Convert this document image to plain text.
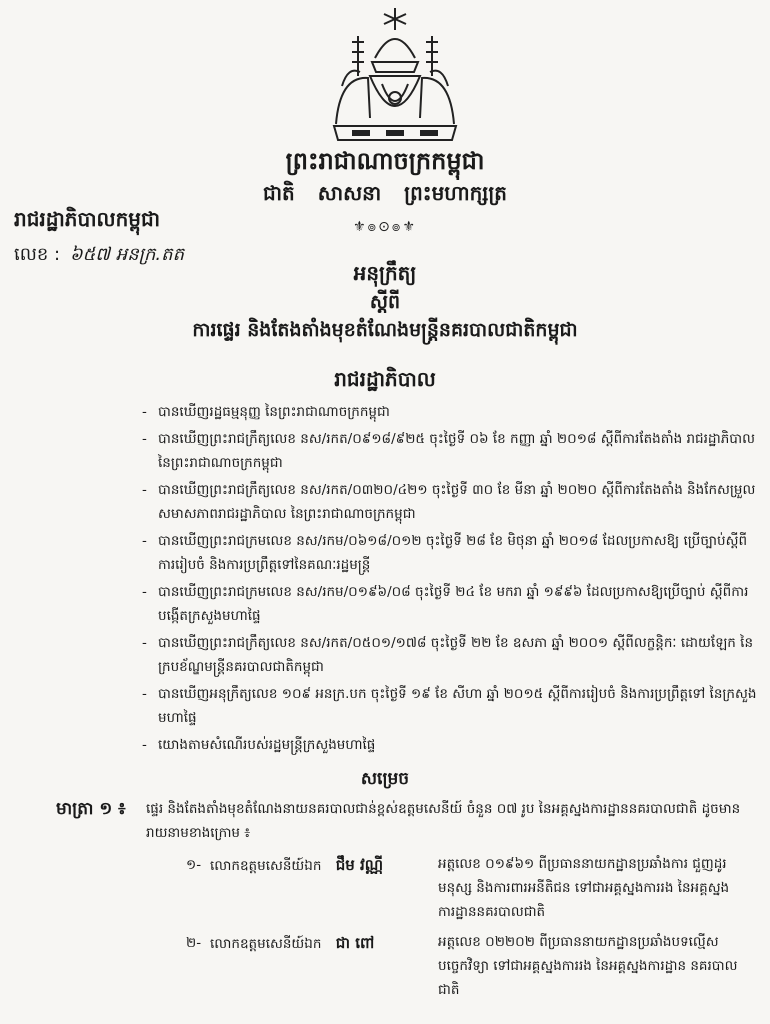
ព្រះរាជាណាចក្រកម្ពុជា
ជាតិ សាសនា ព្រះមហាក្សត្រ
⚜๏⊙๏⚜
រាជរដ្ឋាភិបាលកម្ពុជា
លេខ : ៦៥៧ អនក្រ.តត
អនុក្រឹត្យ
ស្តីពី
ការផ្ទេរ និងតែងតាំងមុខតំណែងមន្រ្តីនគរបាលជាតិកម្ពុជា
រាជរដ្ឋាភិបាល
- បានឃើញរដ្ឋធម្មនុញ្ញ នៃព្រះរាជាណាចក្រកម្ពុជា
- បានឃើញព្រះរាជក្រឹត្យលេខ នស/រកត/០៩១៨/៩២៥ ចុះថ្ងៃទី ០៦ ខែ កញ្ញា ឆ្នាំ ២០១៨ ស្តីពីការតែងតាំង រាជរដ្ឋាភិបាល នៃព្រះរាជាណាចក្រកម្ពុជា
- បានឃើញព្រះរាជក្រឹត្យលេខ នស/រកត/០៣២០/៤២១ ចុះថ្ងៃទី ៣០ ខែ មីនា ឆ្នាំ ២០២០ ស្តីពីការតែងតាំង និងកែសម្រួលសមាសភាពរាជរដ្ឋាភិបាល នៃព្រះរាជាណាចក្រកម្ពុជា
- បានឃើញព្រះរាជក្រមលេខ នស/រកម/០៦១៨/០១២ ចុះថ្ងៃទី ២៨ ខែ មិថុនា ឆ្នាំ ២០១៨ ដែលប្រកាសឱ្យ ប្រើច្បាប់ស្តីពីការរៀបចំ និងការប្រព្រឹត្តទៅនៃគណៈរដ្ឋមន្រ្តី
- បានឃើញព្រះរាជក្រមលេខ នស/រកម/០១៩៦/០៨ ចុះថ្ងៃទី ២៤ ខែ មករា ឆ្នាំ ១៩៩៦ ដែលប្រកាសឱ្យប្រើច្បាប់ ស្តីពីការបង្កើតក្រសួងមហាផ្ទៃ
- បានឃើញព្រះរាជក្រឹត្យលេខ នស/រកត/០៥០១/១៧៨ ចុះថ្ងៃទី ២២ ខែ ឧសភា ឆ្នាំ ២០០១ ស្តីពីលក្ខន្តិកៈ ដោយឡែក នៃក្របខ័ណ្ឌមន្រ្តីនគរបាលជាតិកម្ពុជា
- បានឃើញអនុក្រឹត្យលេខ ១០៩ អនក្រ.បក ចុះថ្ងៃទី ១៩ ខែ សីហា ឆ្នាំ ២០១៥ ស្តីពីការរៀបចំ និងការប្រព្រឹត្តទៅ នៃក្រសួងមហាផ្ទៃ
- យោងតាមសំណើរបស់រដ្ឋមន្រ្តីក្រសួងមហាផ្ទៃ
សម្រេច
មាត្រា ១ ៖ ផ្ទេរ និងតែងតាំងមុខតំណែងនាយនគរបាលជាន់ខ្ពស់ឧត្តមសេនីយ៍ ចំនួន ០៧ រូប នៃអគ្គស្នងការដ្ឋាននគរបាលជាតិ ដូចមានរាយនាមខាងក្រោម ៖
១- លោកឧត្តមសេនីយ៍ឯក ជឹម វណ្ណី	អត្តលេខ ០១៩៦១ ពីប្រធាននាយកដ្ឋានប្រឆាំងការ ជួញដូរមនុស្ស និងការពារអនីតិជន ទៅជាអគ្គស្នងការរង នៃអគ្គស្នងការដ្ឋាននគរបាលជាតិ
២- លោកឧត្តមសេនីយ៍ឯក ជា ពៅ	អត្តលេខ ០២២០២ ពីប្រធាននាយកដ្ឋានប្រឆាំងបទល្មើស បច្ចេកវិទ្យា ទៅជាអគ្គស្នងការរង នៃអគ្គស្នងការដ្ឋាន នគរបាលជាតិ
